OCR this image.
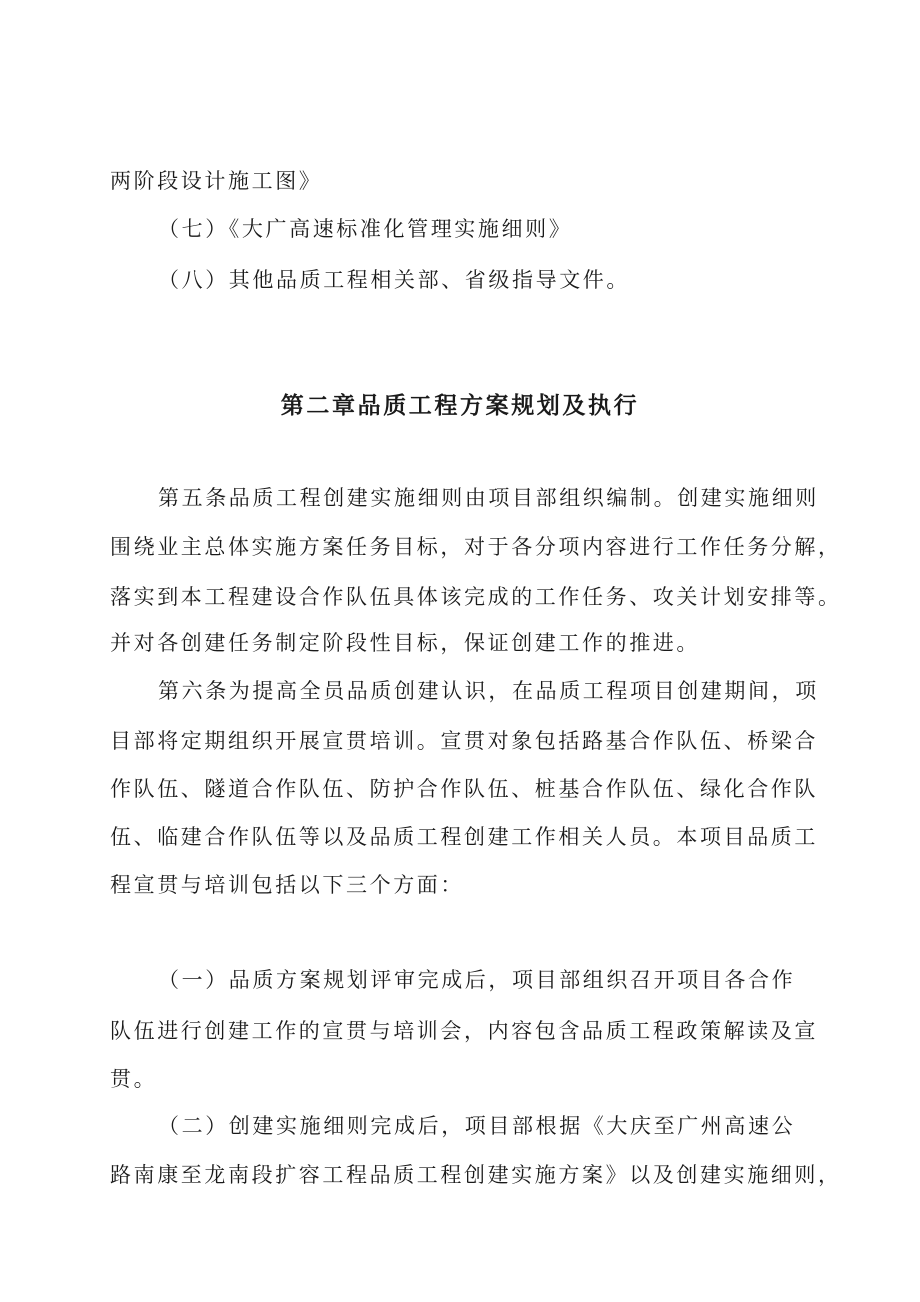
两阶段设计施工图》

（七）《大广高速标准化管理实施细则》

（八）其他品质工程相关部、省级指导文件。

第二章品质工程方案规划及执行

第五条品质工程创建实施细则由项目部组织编制。创建实施细则

围绕业主总体实施方案任务目标，对于各分项内容进行工作任务分解，

落实到本工程建设合作队伍具体该完成的工作任务、攻关计划安排等。

并对各创建任务制定阶段性目标，保证创建工作的推进。

第六条为提高全员品质创建认识，在品质工程项目创建期间，项

目部将定期组织开展宣贯培训。宣贯对象包括路基合作队伍、桥梁合

作队伍、隧道合作队伍、防护合作队伍、桩基合作队伍、绿化合作队

伍、临建合作队伍等以及品质工程创建工作相关人员。本项目品质工

程宣贯与培训包括以下三个方面：

（一）品质方案规划评审完成后，项目部组织召开项目各合作

队伍进行创建工作的宣贯与培训会，内容包含品质工程政策解读及宣

贯。

（二）创建实施细则完成后，项目部根据《大庆至广州高速公

路南康至龙南段扩容工程品质工程创建实施方案》以及创建实施细则，
